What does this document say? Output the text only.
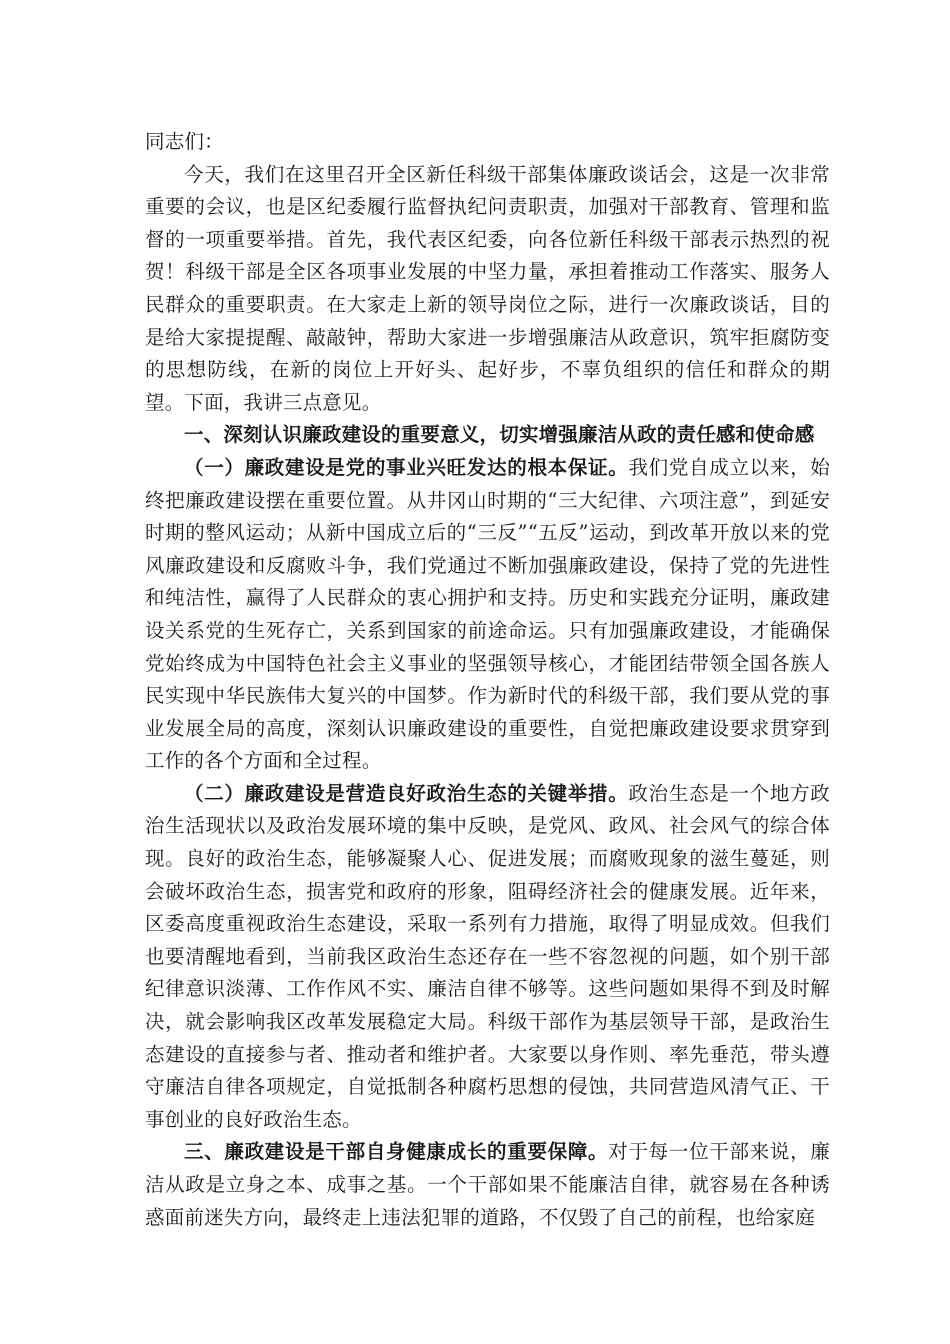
同志们：

今天，我们在这里召开全区新任科级干部集体廉政谈话会，这是一次非常重要的会议，也是区纪委履行监督执纪问责职责，加强对干部教育、管理和监督的一项重要举措。首先，我代表区纪委，向各位新任科级干部表示热烈的祝贺！科级干部是全区各项事业发展的中坚力量，承担着推动工作落实、服务人民群众的重要职责。在大家走上新的领导岗位之际，进行一次廉政谈话，目的是给大家提提醒、敲敲钟，帮助大家进一步增强廉洁从政意识，筑牢拒腐防变的思想防线，在新的岗位上开好头、起好步，不辜负组织的信任和群众的期望。下面，我讲三点意见。

一、深刻认识廉政建设的重要意义，切实增强廉洁从政的责任感和使命感

（一）廉政建设是党的事业兴旺发达的根本保证。我们党自成立以来，始终把廉政建设摆在重要位置。从井冈山时期的“三大纪律、六项注意”，到延安时期的整风运动；从新中国成立后的“三反”“五反”运动，到改革开放以来的党风廉政建设和反腐败斗争，我们党通过不断加强廉政建设，保持了党的先进性和纯洁性，赢得了人民群众的衷心拥护和支持。历史和实践充分证明，廉政建设关系党的生死存亡，关系到国家的前途命运。只有加强廉政建设，才能确保党始终成为中国特色社会主义事业的坚强领导核心，才能团结带领全国各族人民实现中华民族伟大复兴的中国梦。作为新时代的科级干部，我们要从党的事业发展全局的高度，深刻认识廉政建设的重要性，自觉把廉政建设要求贯穿到工作的各个方面和全过程。

（二）廉政建设是营造良好政治生态的关键举措。政治生态是一个地方政治生活现状以及政治发展环境的集中反映，是党风、政风、社会风气的综合体现。良好的政治生态，能够凝聚人心、促进发展；而腐败现象的滋生蔓延，则会破坏政治生态，损害党和政府的形象，阻碍经济社会的健康发展。近年来，区委高度重视政治生态建设，采取一系列有力措施，取得了明显成效。但我们也要清醒地看到，当前我区政治生态还存在一些不容忽视的问题，如个别干部纪律意识淡薄、工作作风不实、廉洁自律不够等。这些问题如果得不到及时解决，就会影响我区改革发展稳定大局。科级干部作为基层领导干部，是政治生态建设的直接参与者、推动者和维护者。大家要以身作则、率先垂范，带头遵守廉洁自律各项规定，自觉抵制各种腐朽思想的侵蚀，共同营造风清气正、干事创业的良好政治生态。

三、廉政建设是干部自身健康成长的重要保障。对于每一位干部来说，廉洁从政是立身之本、成事之基。一个干部如果不能廉洁自律，就容易在各种诱惑面前迷失方向，最终走上违法犯罪的道路，不仅毁了自己的前程，也给家庭
